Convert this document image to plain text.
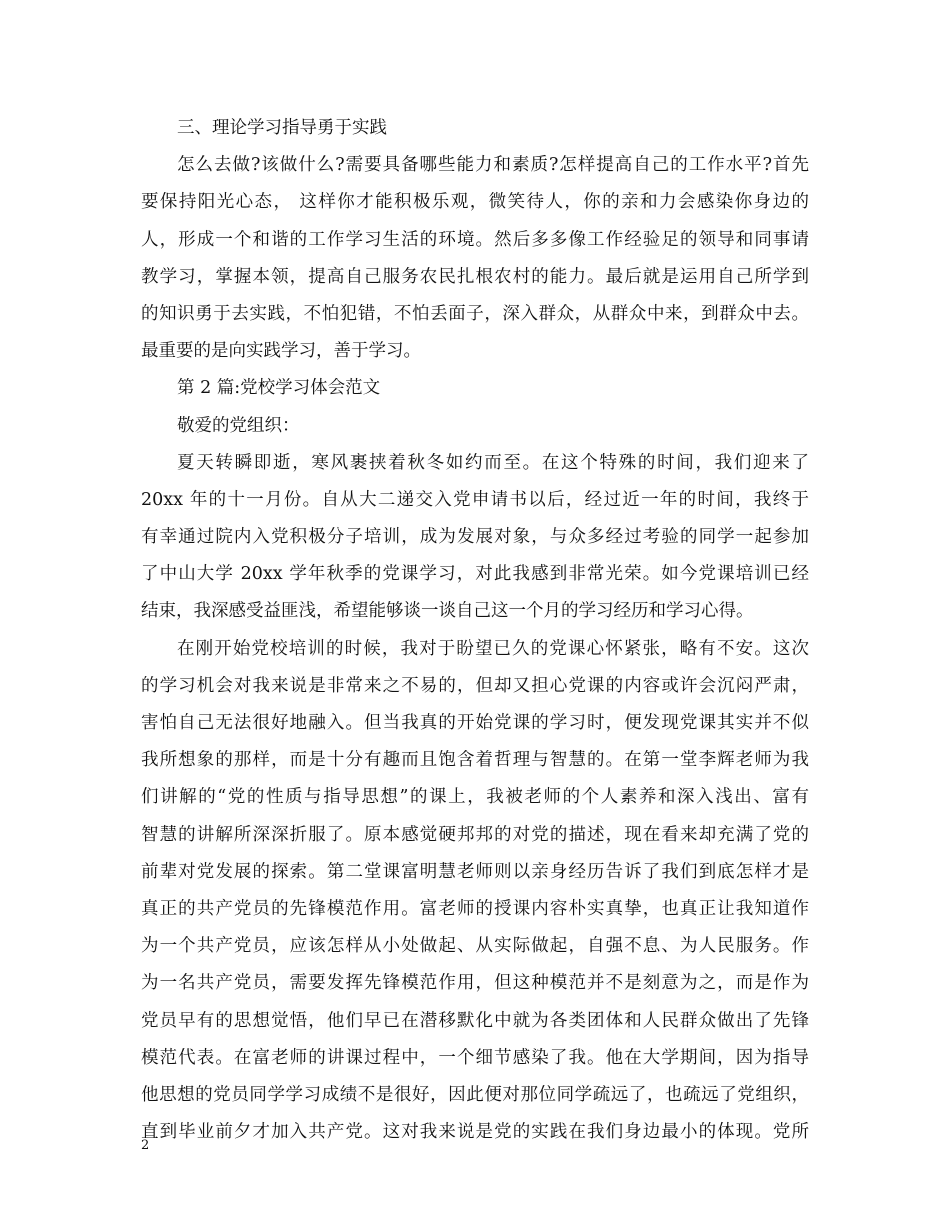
三、理论学习指导勇于实践
怎么去做?该做什么?需要具备哪些能力和素质?怎样提高自己的工作水平?首先
要保持阳光心态， 这样你才能积极乐观，微笑待人，你的亲和力会感染你身边的
人，形成一个和谐的工作学习生活的环境。然后多多像工作经验足的领导和同事请
教学习，掌握本领，提高自己服务农民扎根农村的能力。最后就是运用自己所学到
的知识勇于去实践，不怕犯错，不怕丢面子，深入群众，从群众中来，到群众中去。
最重要的是向实践学习，善于学习。
第 2 篇:党校学习体会范文
敬爱的党组织：
夏天转瞬即逝，寒风裹挟着秋冬如约而至。在这个特殊的时间，我们迎来了
20xx 年的十一月份。自从大二递交入党申请书以后，经过近一年的时间，我终于
有幸通过院内入党积极分子培训，成为发展对象，与众多经过考验的同学一起参加
了中山大学 20xx 学年秋季的党课学习，对此我感到非常光荣。如今党课培训已经
结束，我深感受益匪浅，希望能够谈一谈自己这一个月的学习经历和学习心得。
在刚开始党校培训的时候，我对于盼望已久的党课心怀紧张，略有不安。这次
的学习机会对我来说是非常来之不易的，但却又担心党课的内容或许会沉闷严肃，
害怕自己无法很好地融入。但当我真的开始党课的学习时，便发现党课其实并不似
我所想象的那样，而是十分有趣而且饱含着哲理与智慧的。在第一堂李辉老师为我
们讲解的“党的性质与指导思想”的课上，我被老师的个人素养和深入浅出、富有
智慧的讲解所深深折服了。原本感觉硬邦邦的对党的描述，现在看来却充满了党的
前辈对党发展的探索。第二堂课富明慧老师则以亲身经历告诉了我们到底怎样才是
真正的共产党员的先锋模范作用。富老师的授课内容朴实真挚，也真正让我知道作
为一个共产党员，应该怎样从小处做起、从实际做起，自强不息、为人民服务。作
为一名共产党员，需要发挥先锋模范作用，但这种模范并不是刻意为之，而是作为
党员早有的思想觉悟，他们早已在潜移默化中就为各类团体和人民群众做出了先锋
模范代表。在富老师的讲课过程中，一个细节感染了我。他在大学期间，因为指导
他思想的党员同学学习成绩不是很好，因此便对那位同学疏远了，也疏远了党组织，
直到毕业前夕才加入共产党。这对我来说是党的实践在我们身边最小的体现。党所
2
